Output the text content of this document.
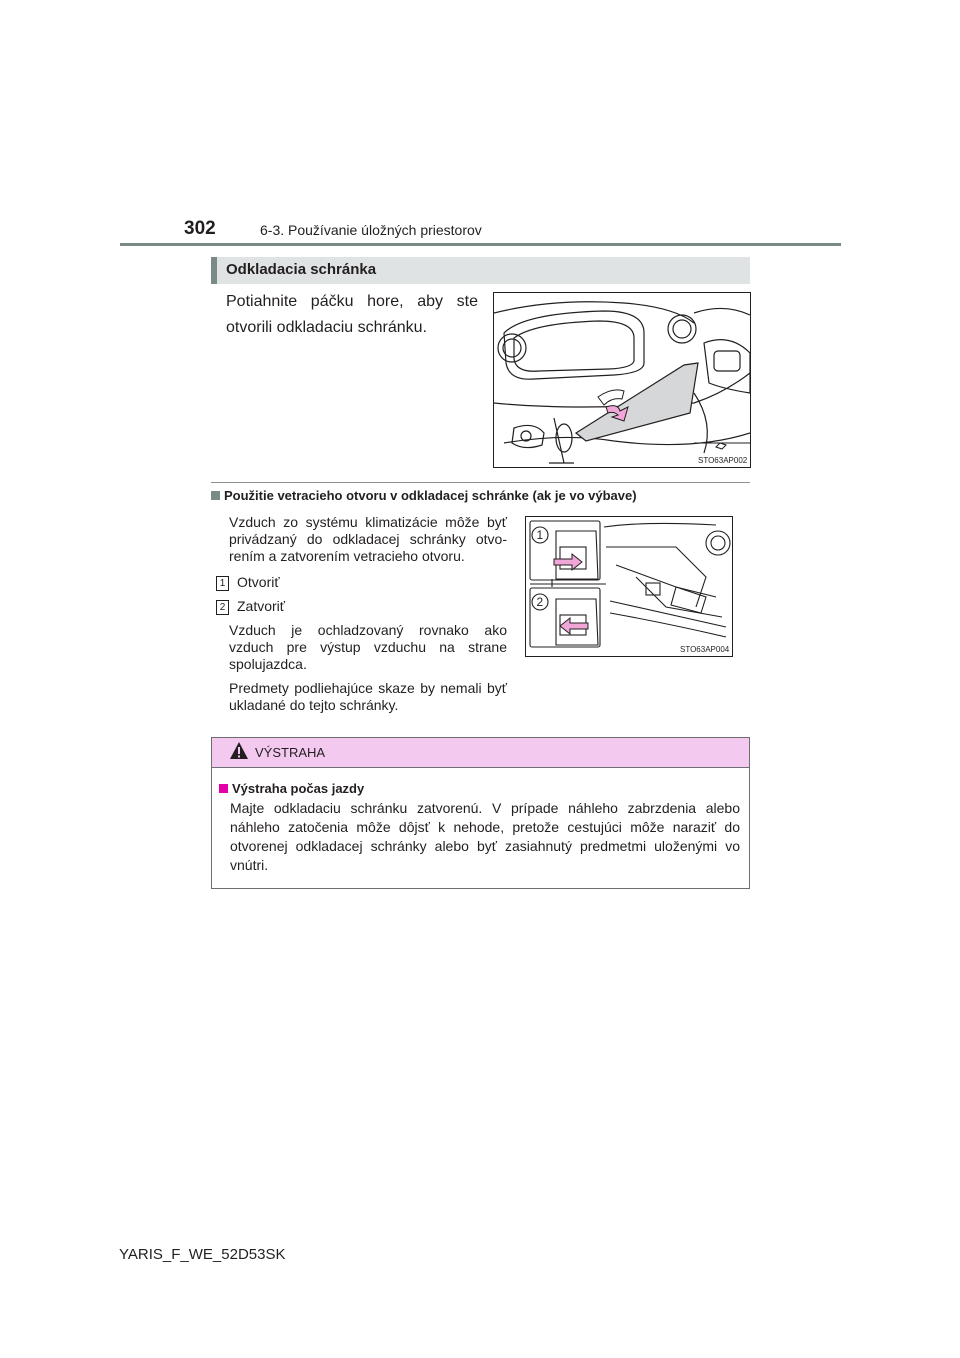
302	6-3. Používanie úložných priestorov
Odkladacia schránka
Potiahnite páčku hore, aby ste
otvorili odkladaciu schránku.
STO63AP002
Použitie vetracieho otvoru v odkladacej schránke (ak je vo výbave)
Vzduch zo systému klimatizácie môže byť privádzaný do odkladacej schránky otvo-rením a zatvorením vetracieho otvoru.
1 Otvoriť
2 Zatvoriť
Vzduch je ochladzovaný rovnako ako vzduch pre výstup vzduchu na strane spolujazdca.
Predmety podliehajúce skaze by nemali byť ukladané do tejto schránky.
1
2
STO63AP004
VÝSTRAHA
Výstraha počas jazdy
Majte odkladaciu schránku zatvorenú. V prípade náhleho zabrzdenia alebo náhleho zatočenia môže dôjsť k nehode, pretože cestujúci môže naraziť do otvorenej odkladacej schránky alebo byť zasiahnutý predmetmi uloženými vo vnútri.
YARIS_F_WE_52D53SK
